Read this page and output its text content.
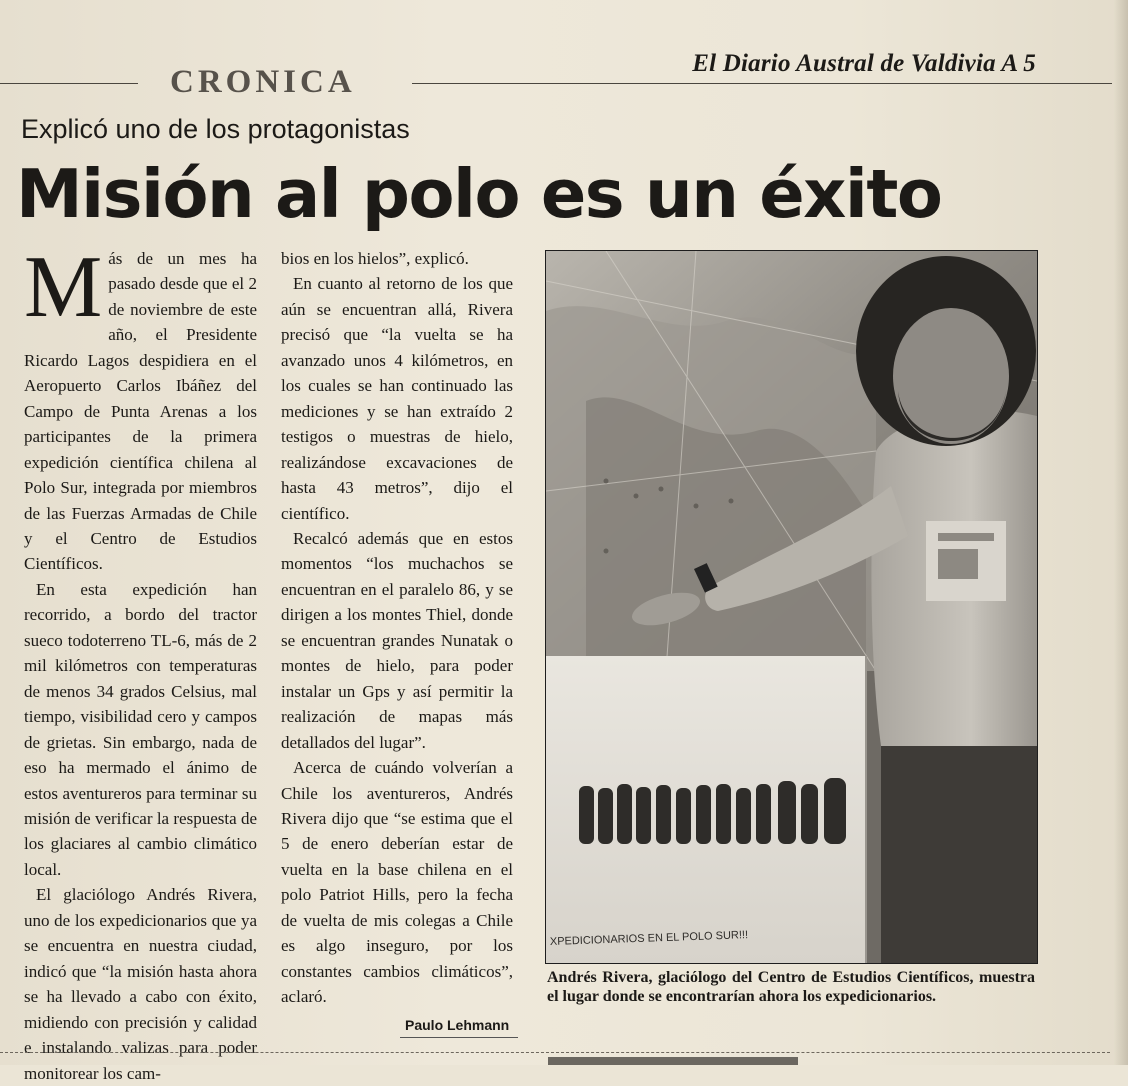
El Diario Austral de Valdivia A 5
CRONICA
Explicó uno de los protagonistas
Misión al polo es un éxito

Más de un mes ha pasado desde que el 2 de noviembre de este año, el Presidente Ricardo Lagos despidiera en el Aeropuerto Carlos Ibáñez del Campo de Punta Arenas a los participantes de la primera expedición científica chilena al Polo Sur, integrada por miembros de las Fuerzas Armadas de Chile y el Centro de Estudios Científicos.

En esta expedición han recorrido, a bordo del tractor sueco todoterreno TL-6, más de 2 mil kilómetros con temperaturas de menos 34 grados Celsius, mal tiempo, visibilidad cero y campos de grietas. Sin embargo, nada de eso ha mermado el ánimo de estos aventureros para terminar su misión de verificar la respuesta de los glaciares al cambio climático local.

El glaciólogo Andrés Rivera, uno de los expedicionarios que ya se encuentra en nuestra ciudad, indicó que “la misión hasta ahora se ha llevado a cabo con éxito, midiendo con precisión y calidad e instalando valizas para poder monitorear los cam-

bios en los hielos”, explicó.

En cuanto al retorno de los que aún se encuentran allá, Rivera precisó que “la vuelta se ha avanzado unos 4 kilómetros, en los cuales se han continuado las mediciones y se han extraído 2 testigos o muestras de hielo, realizándose excavaciones de hasta 43 metros”, dijo el científico.

Recalcó además que en estos momentos “los muchachos se encuentran en el paralelo 86, y se dirigen a los montes Thiel, donde se encuentran grandes Nunatak o montes de hielo, para poder instalar un Gps y así permitir la realización de mapas más detallados del lugar”.

Acerca de cuándo volverían a Chile los aventureros, Andrés Rivera dijo que “se estima que el 5 de enero deberían estar de vuelta en la base chilena en el polo Patriot Hills, pero la fecha de vuelta de mis colegas a Chile es algo inseguro, por los constantes cambios climáticos”, aclaró.

Paulo Lehmann
XPEDICIONARIOS EN EL POLO SUR!!!
Andrés Rivera, glaciólogo del Centro de Estudios Científicos, muestra el lugar donde se encontrarían ahora los expedicionarios.
